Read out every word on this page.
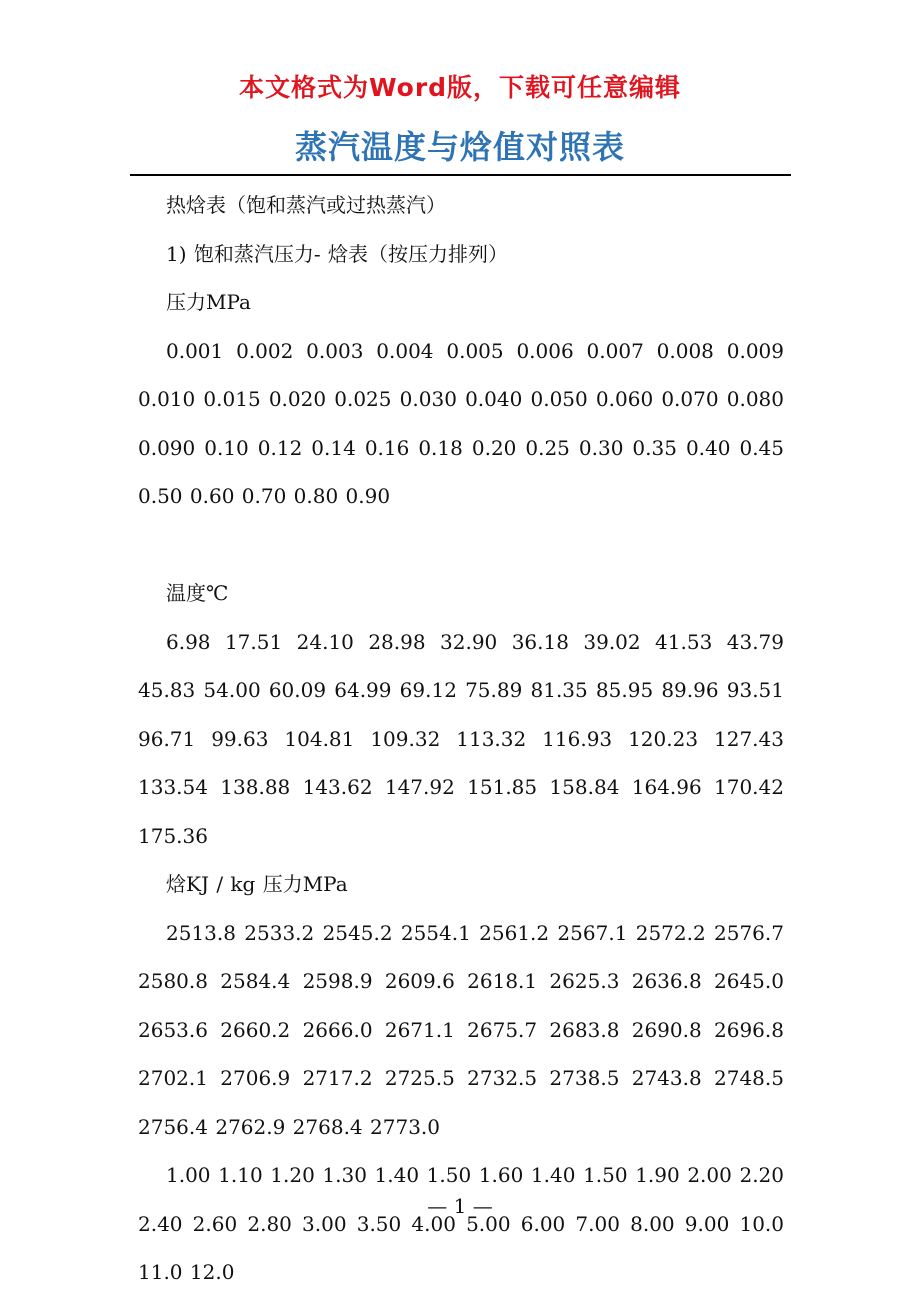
本文格式为Word版，下载可任意编辑
蒸汽温度与焓值对照表

热焓表（饱和蒸汽或过热蒸汽）

1) 饱和蒸汽压力- 焓表（按压力排列）

压力MPa

0.001 0.002 0.003 0.004 0.005 0.006 0.007 0.008 0.009 0.010 0.015 0.020 0.025 0.030 0.040 0.050 0.060 0.070 0.080 0.090 0.10 0.12 0.14 0.16 0.18 0.20 0.25 0.30 0.35 0.40 0.45 0.50 0.60 0.70 0.80 0.90

温度℃

6.98 17.51 24.10 28.98 32.90 36.18 39.02 41.53 43.79 45.83 54.00 60.09 64.99 69.12 75.89 81.35 85.95 89.96 93.51 96.71 99.63 104.81 109.32 113.32 116.93 120.23 127.43 133.54 138.88 143.62 147.92 151.85 158.84 164.96 170.42 175.36

焓KJ / kg 压力MPa

2513.8 2533.2 2545.2 2554.1 2561.2 2567.1 2572.2 2576.7 2580.8 2584.4 2598.9 2609.6 2618.1 2625.3 2636.8 2645.0 2653.6 2660.2 2666.0 2671.1 2675.7 2683.8 2690.8 2696.8 2702.1 2706.9 2717.2 2725.5 2732.5 2738.5 2743.8 2748.5 2756.4 2762.9 2768.4 2773.0

1.00 1.10 1.20 1.30 1.40 1.50 1.60 1.40 1.50 1.90 2.00 2.20 2.40 2.60 2.80 3.00 3.50 4.00 5.00 6.00 7.00 8.00 9.00 10.0 11.0 12.0

— 1 —
